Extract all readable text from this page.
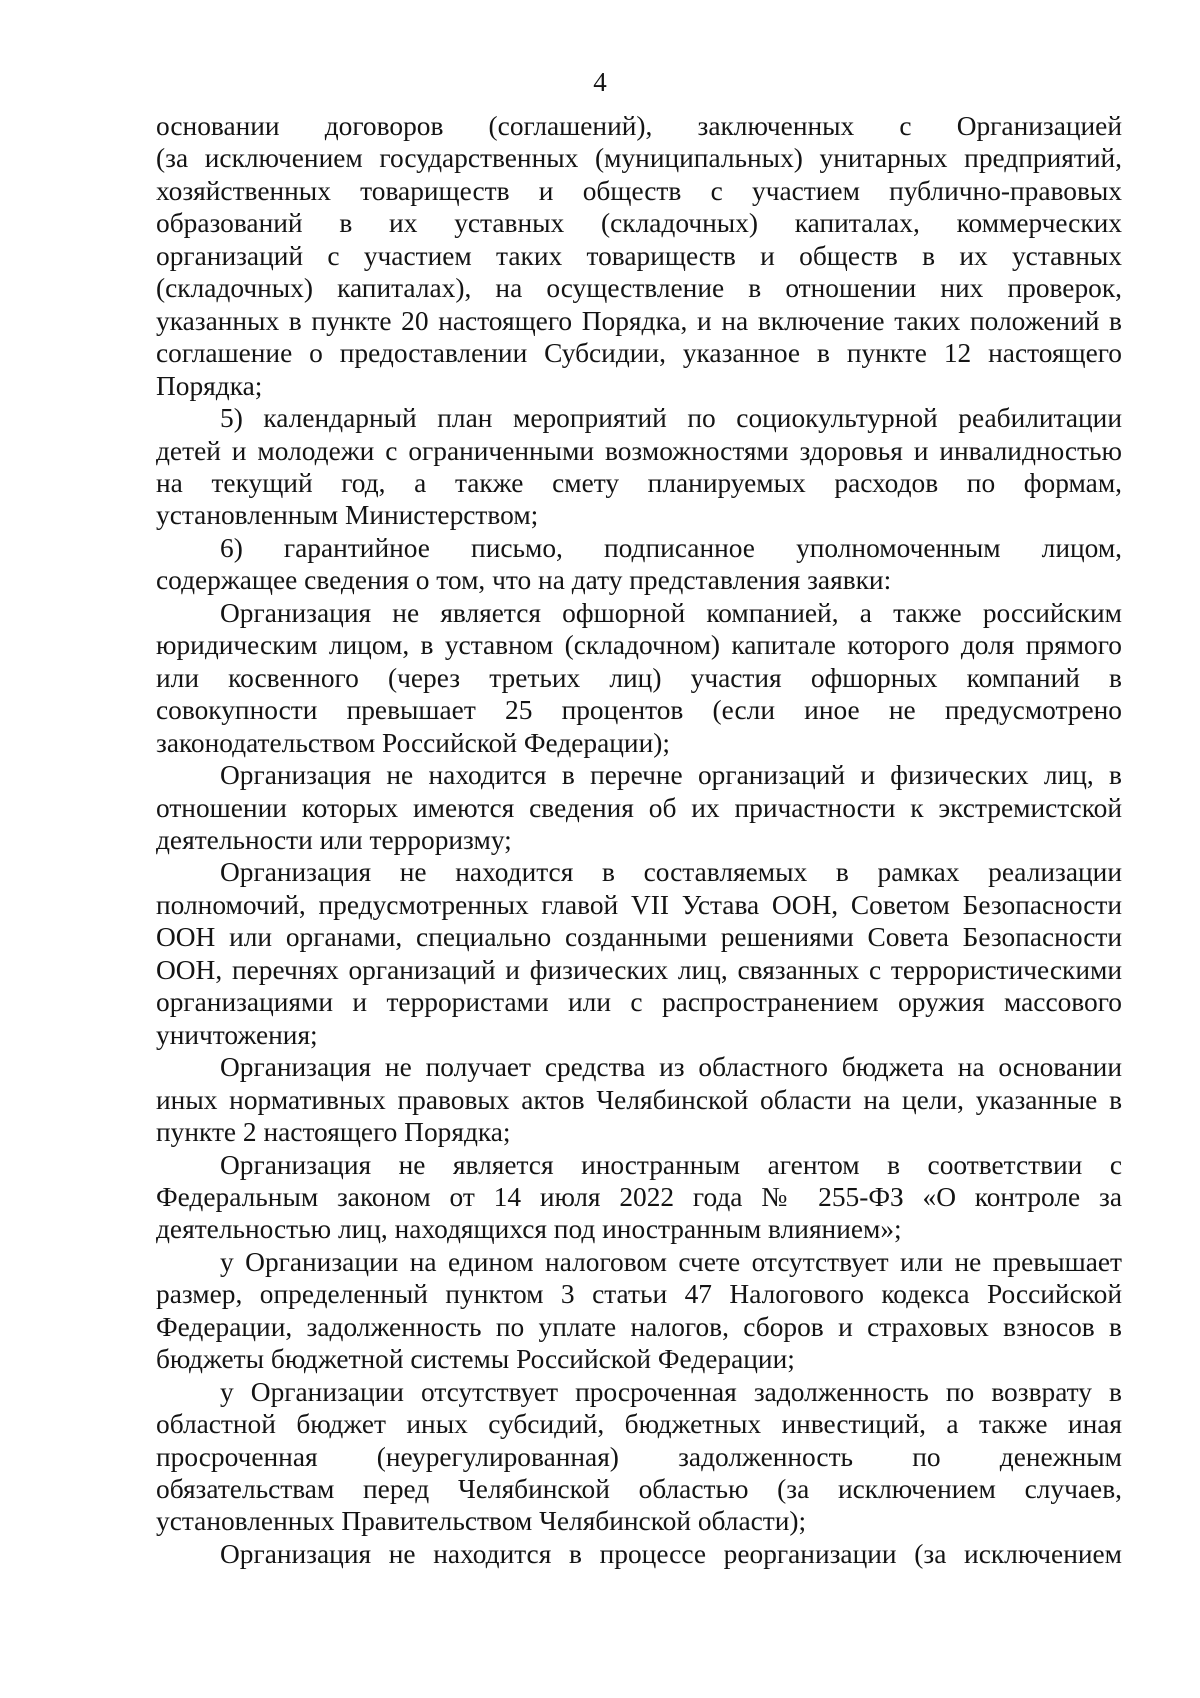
4

основании договоров (соглашений), заключенных с Организацией

(за исключением государственных (муниципальных) унитарных предприятий,

хозяйственных товариществ и обществ с участием публично-правовых

образований в их уставных (складочных) капиталах, коммерческих

организаций с участием таких товариществ и обществ в их уставных

(складочных) капиталах), на осуществление в отношении них проверок,

указанных в пункте 20 настоящего Порядка, и на включение таких положений в

соглашение о предоставлении Субсидии, указанное в пункте 12 настоящего

Порядка;

5) календарный план мероприятий по социокультурной реабилитации

детей и молодежи с ограниченными возможностями здоровья и инвалидностью

на текущий год, а также смету планируемых расходов по формам,

установленным Министерством;

6) гарантийное письмо, подписанное уполномоченным лицом,

содержащее сведения о том, что на дату представления заявки:

Организация не является офшорной компанией, а также российским

юридическим лицом, в уставном (складочном) капитале которого доля прямого

или косвенного (через третьих лиц) участия офшорных компаний в

совокупности превышает 25 процентов (если иное не предусмотрено

законодательством Российской Федерации);

Организация не находится в перечне организаций и физических лиц, в

отношении которых имеются сведения об их причастности к экстремистской

деятельности или терроризму;

Организация не находится в составляемых в рамках реализации

полномочий, предусмотренных главой VII Устава ООН, Советом Безопасности

ООН или органами, специально созданными решениями Совета Безопасности

ООН, перечнях организаций и физических лиц, связанных с террористическими

организациями и террористами или с распространением оружия массового

уничтожения;

Организация не получает средства из областного бюджета на основании

иных нормативных правовых актов Челябинской области на цели, указанные в

пункте 2 настоящего Порядка;

Организация не является иностранным агентом в соответствии с

Федеральным законом от 14 июля 2022 года № 255-ФЗ «О контроле за

деятельностью лиц, находящихся под иностранным влиянием»;

у Организации на едином налоговом счете отсутствует или не превышает

размер, определенный пунктом 3 статьи 47 Налогового кодекса Российской

Федерации, задолженность по уплате налогов, сборов и страховых взносов в

бюджеты бюджетной системы Российской Федерации;

у Организации отсутствует просроченная задолженность по возврату в

областной бюджет иных субсидий, бюджетных инвестиций, а также иная

просроченная (неурегулированная) задолженность по денежным

обязательствам перед Челябинской областью (за исключением случаев,

установленных Правительством Челябинской области);

Организация не находится в процессе реорганизации (за исключением
